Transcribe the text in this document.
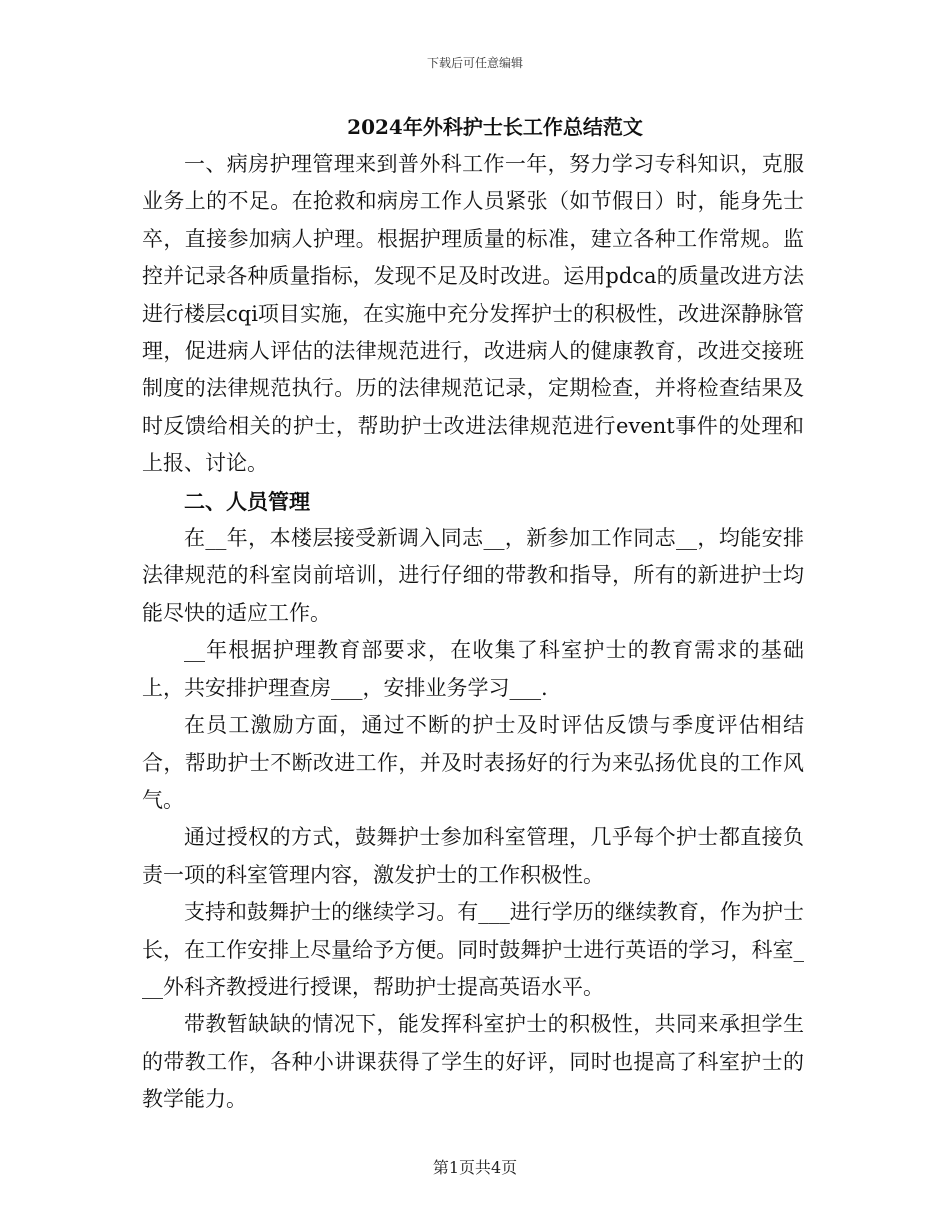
下载后可任意编辑
2024年外科护士长工作总结范文

一、病房护理管理来到普外科工作一年，努力学习专科知识，克服业务上的不足。在抢救和病房工作人员紧张（如节假日）时，能身先士卒，直接参加病人护理。根据护理质量的标准，建立各种工作常规。监控并记录各种质量指标，发现不足及时改进。运用pdca的质量改进方法进行楼层cqi项目实施，在实施中充分发挥护士的积极性，改进深静脉管理，促进病人评估的法律规范进行，改进病人的健康教育，改进交接班制度的法律规范执行。历的法律规范记录，定期检查，并将检查结果及时反馈给相关的护士，帮助护士改进法律规范进行event事件的处理和上报、讨论。

二、人员管理

在__年，本楼层接受新调入同志__，新参加工作同志__，均能安排法律规范的科室岗前培训，进行仔细的带教和指导，所有的新进护士均能尽快的适应工作。

__年根据护理教育部要求，在收集了科室护士的教育需求的基础上，共安排护理查房___，安排业务学习___.

在员工激励方面，通过不断的护士及时评估反馈与季度评估相结合，帮助护士不断改进工作，并及时表扬好的行为来弘扬优良的工作风气。

通过授权的方式，鼓舞护士参加科室管理，几乎每个护士都直接负责一项的科室管理内容，激发护士的工作积极性。

支持和鼓舞护士的继续学习。有___进行学历的继续教育，作为护士长，在工作安排上尽量给予方便。同时鼓舞护士进行英语的学习，科室___外科齐教授进行授课，帮助护士提高英语水平。

带教暂缺缺的情况下，能发挥科室护士的积极性，共同来承担学生的带教工作，各种小讲课获得了学生的好评，同时也提高了科室护士的教学能力。

第1页共4页
